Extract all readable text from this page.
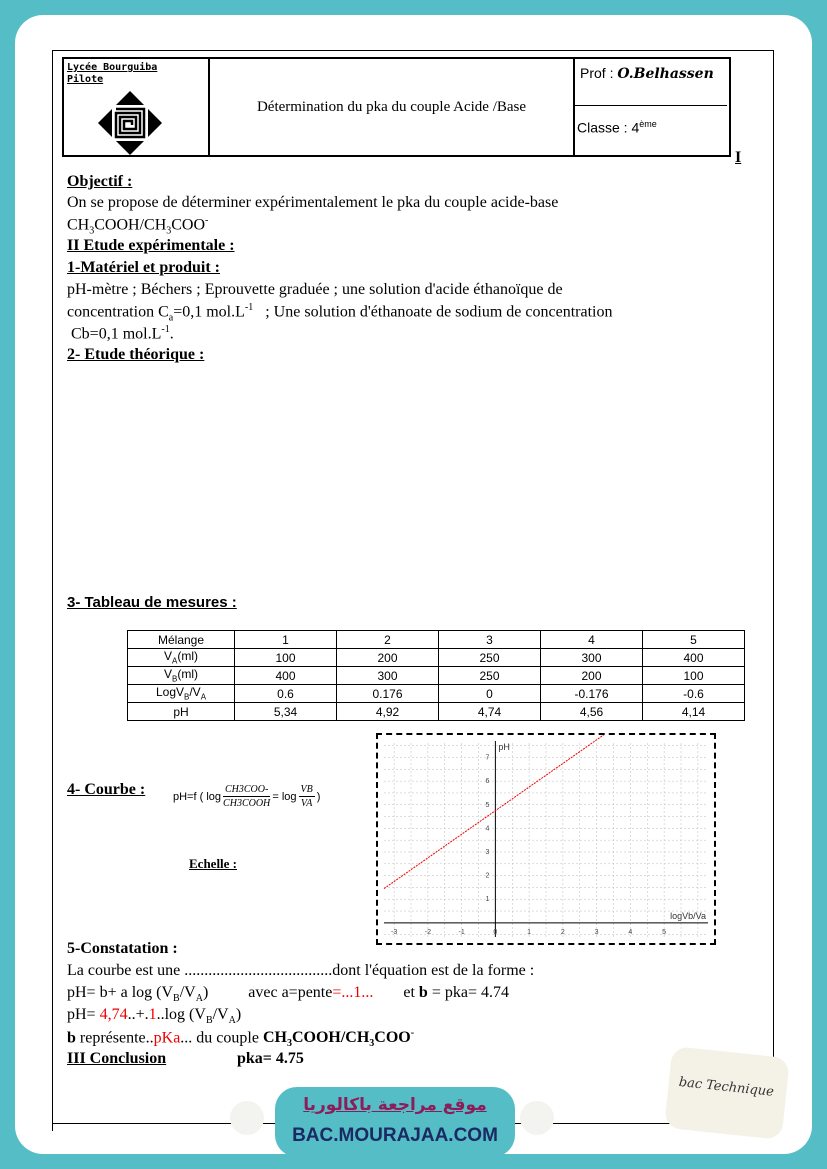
Lycée Bourguiba
Pilote
Détermination du pka du couple Acide /Base
Prof : O.Belhassen
Classe : 4ème
I
Objectif :
On se propose de déterminer expérimentalement le pka du couple acide-base
$CH_3COOH/CH_3COO^-$
II Etude expérimentale :
1-Matériel et produit :
pH-mètre ; Béchers ; Eprouvette graduée ; une solution d'acide éthanoïque de
concentration $C_a=0,1$ $mol.L^{-1}$   ; Une solution d'éthanoate de sodium de concentration
Cb=0,1 $mol.L^{-1}$.
2- Etude théorique :
3- Tableau de mesures :
Mélange	1	2	3	4	5
$V_A(ml)$	100	200	250	300	400
$V_B(ml)$	400	300	250	200	100
$LogV_B/V_A$	0.6	0.176	0	-0.176	-0.6
pH	5,34	4,92	4,74	4,56	4,14
4- Courbe :	pH=f ( log
CH3COO-
CH3COOH
= log
VB
VA
)
Echelle :
-3	-2	-1	0	1	2	3	4	5
1
2
3
4
5
6
7
logVb/Va
pH
5-Constatation :
La courbe est une .....................................dont l'équation est de la forme :
pH= b+ a $\log (V_B/V_A)$	avec a=pente=...1... et b = pka= 4.74
pH= 4,74..+.1..log $(V_B/V_A)$
b représente..pKa... du couple $CH_3COOH/CH_3COO^-$
III Conclusion	pka= 4.75
موقع مراجعة باكالوريا
BAC.MOURAJAA.COM
bac Technique
